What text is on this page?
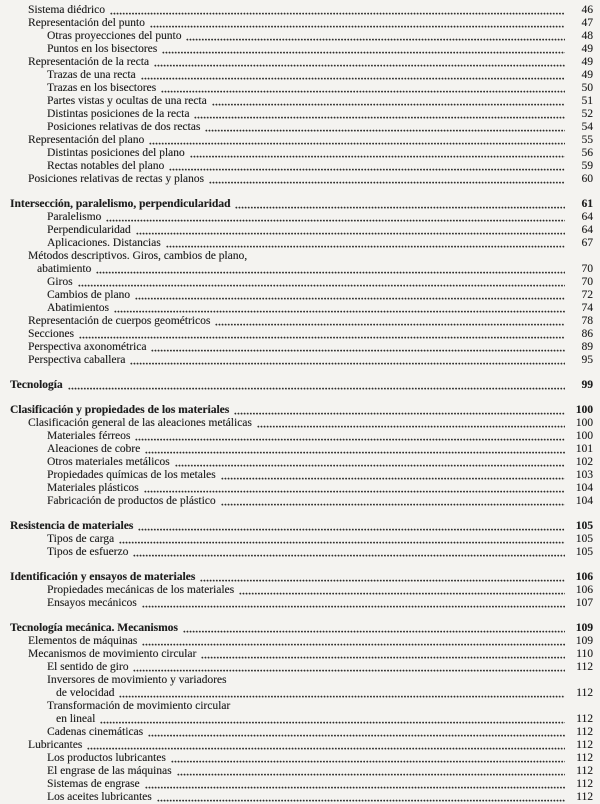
Sistema diédrico	46
Representación del punto	47
Otras proyecciones del punto	48
Puntos en los bisectores	49
Representación de la recta	49
Trazas de una recta	49
Trazas en los bisectores	50
Partes vistas y ocultas de una recta	51
Distintas posiciones de la recta	52
Posiciones relativas de dos rectas	54
Representación del plano	55
Distintas posiciones del plano	56
Rectas notables del plano	59
Posiciones relativas de rectas y planos	60
Intersección, paralelismo, perpendicularidad	61
Paralelismo	64
Perpendicularidad	64
Aplicaciones. Distancias	67
Métodos descriptivos. Giros, cambios de plano,
abatimiento	70
Giros	70
Cambios de plano	72
Abatimientos	74
Representación de cuerpos geométricos	78
Secciones	86
Perspectiva axonométrica	89
Perspectiva caballera	95
Tecnología	99
Clasificación y propiedades de los materiales	100
Clasificación general de las aleaciones metálicas	100
Materiales férreos	100
Aleaciones de cobre	101
Otros materiales metálicos	102
Propiedades químicas de los metales	103
Materiales plásticos	104
Fabricación de productos de plástico	104
Resistencia de materiales	105
Tipos de carga	105
Tipos de esfuerzo	105
Identificación y ensayos de materiales	106
Propiedades mecánicas de los materiales	106
Ensayos mecánicos	107
Tecnología mecánica. Mecanismos	109
Elementos de máquinas	109
Mecanismos de movimiento circular	110
El sentido de giro	112
Inversores de movimiento y variadores
de velocidad	112
Transformación de movimiento circular
en lineal	112
Cadenas cinemáticas	112
Lubricantes	112
Los productos lubricantes	112
El engrase de las máquinas	112
Sistemas de engrase	112
Los aceites lubricantes	112
